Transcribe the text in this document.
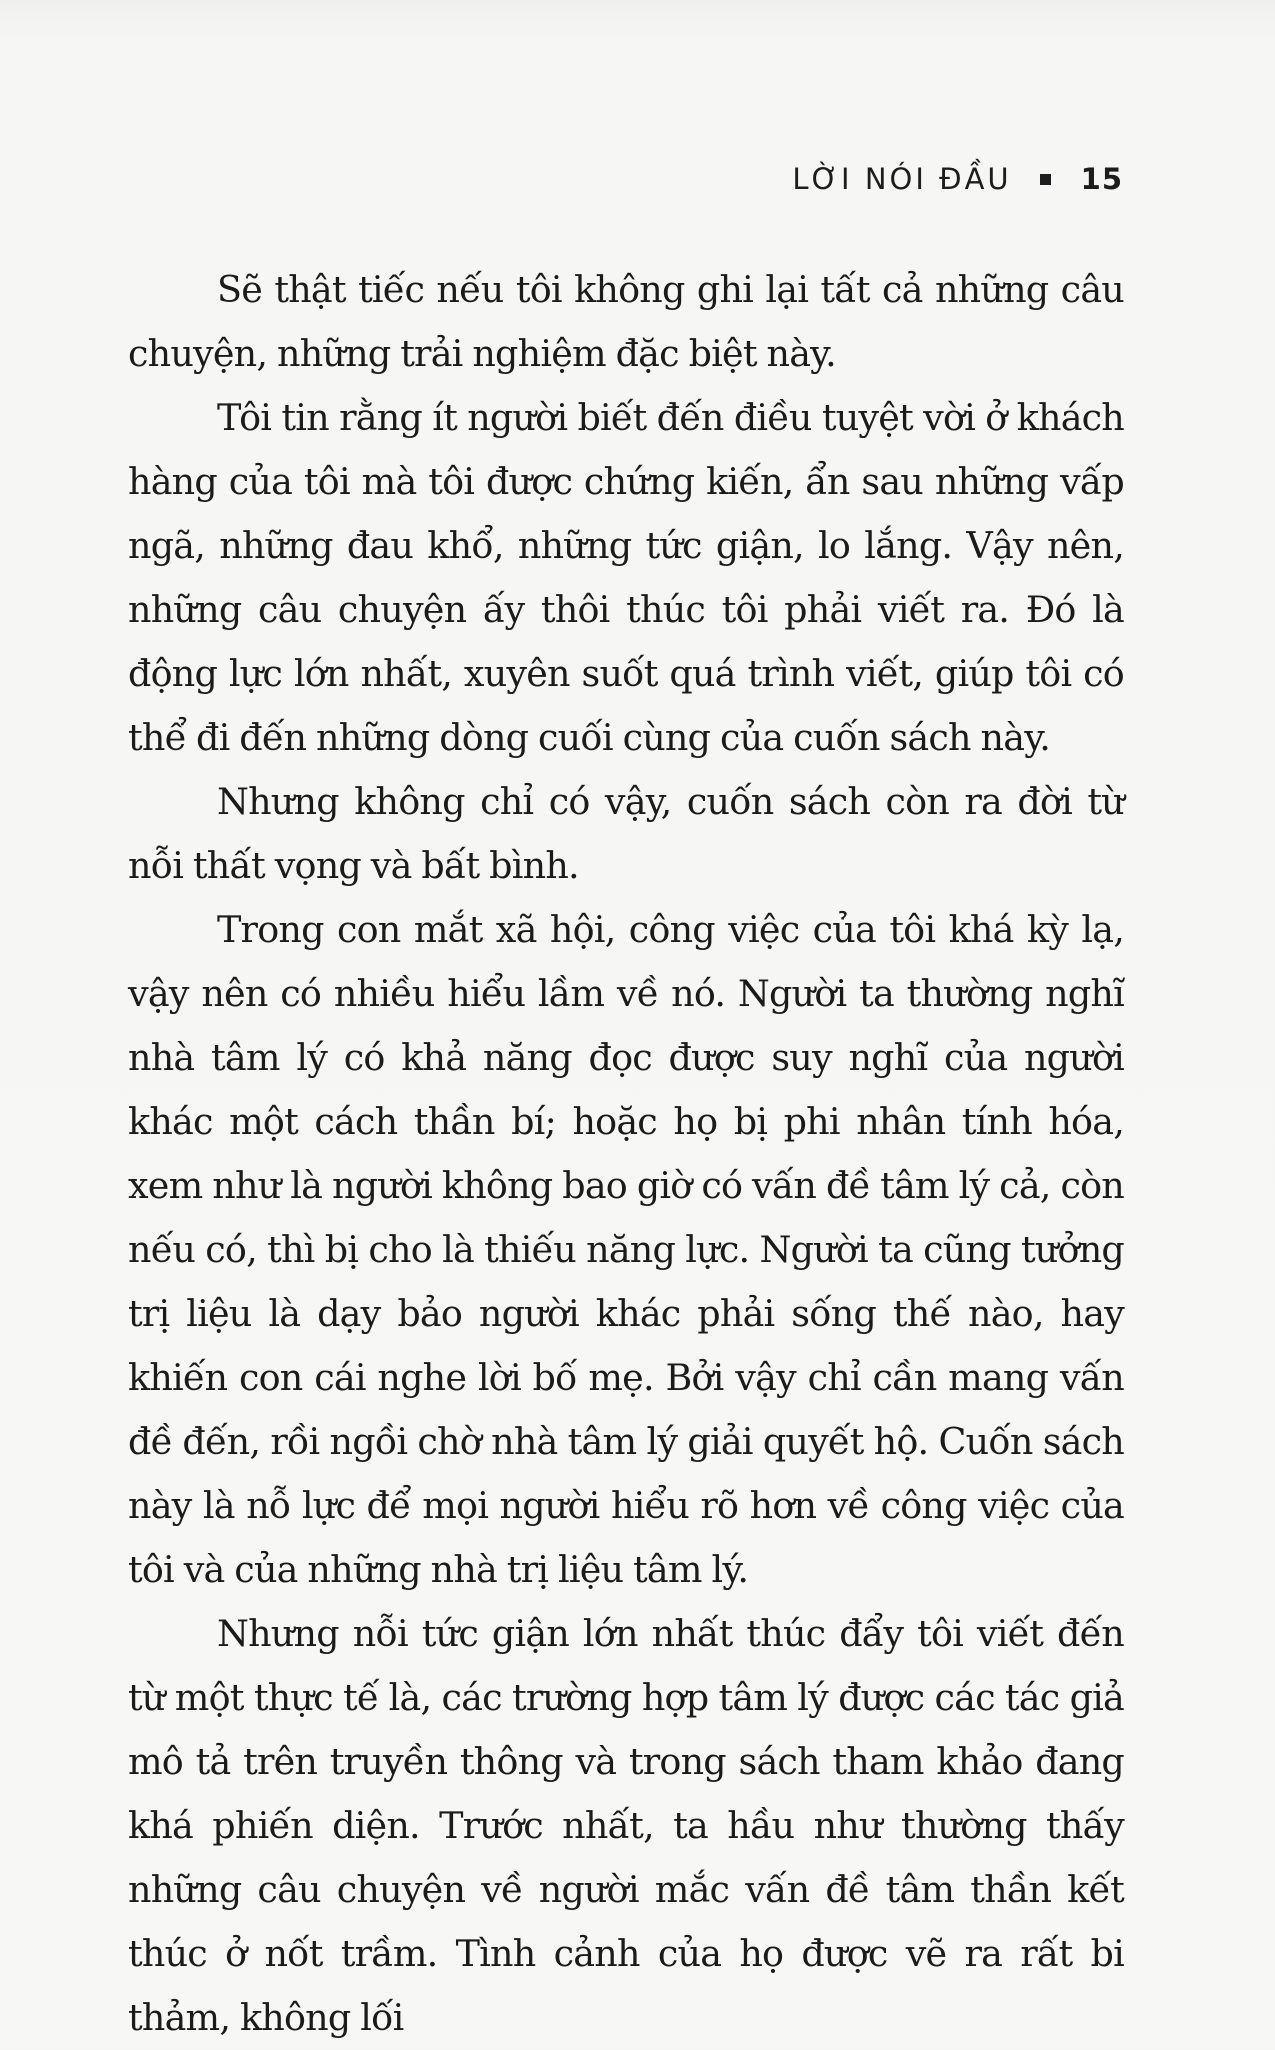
LỜI NÓI ĐẦU 15

Sẽ thật tiếc nếu tôi không ghi lại tất cả những câu chuyện, những trải nghiệm đặc biệt này.

Tôi tin rằng ít người biết đến điều tuyệt vời ở khách hàng của tôi mà tôi được chứng kiến, ẩn sau những vấp ngã, những đau khổ, những tức giận, lo lắng. Vậy nên, những câu chuyện ấy thôi thúc tôi phải viết ra. Đó là động lực lớn nhất, xuyên suốt quá trình viết, giúp tôi có thể đi đến những dòng cuối cùng của cuốn sách này.

Nhưng không chỉ có vậy, cuốn sách còn ra đời từ nỗi thất vọng và bất bình.

Trong con mắt xã hội, công việc của tôi khá kỳ lạ, vậy nên có nhiều hiểu lầm về nó. Người ta thường nghĩ nhà tâm lý có khả năng đọc được suy nghĩ của người khác một cách thần bí; hoặc họ bị phi nhân tính hóa, xem như là người không bao giờ có vấn đề tâm lý cả, còn nếu có, thì bị cho là thiếu năng lực. Người ta cũng tưởng trị liệu là dạy bảo người khác phải sống thế nào, hay khiến con cái nghe lời bố mẹ. Bởi vậy chỉ cần mang vấn đề đến, rồi ngồi chờ nhà tâm lý giải quyết hộ. Cuốn sách này là nỗ lực để mọi người hiểu rõ hơn về công việc của tôi và của những nhà trị liệu tâm lý.

Nhưng nỗi tức giận lớn nhất thúc đẩy tôi viết đến từ một thực tế là, các trường hợp tâm lý được các tác giả mô tả trên truyền thông và trong sách tham khảo đang khá phiến diện. Trước nhất, ta hầu như thường thấy những câu chuyện về người mắc vấn đề tâm thần kết thúc ở nốt trầm. Tình cảnh của họ được vẽ ra rất bi thảm, không lối
